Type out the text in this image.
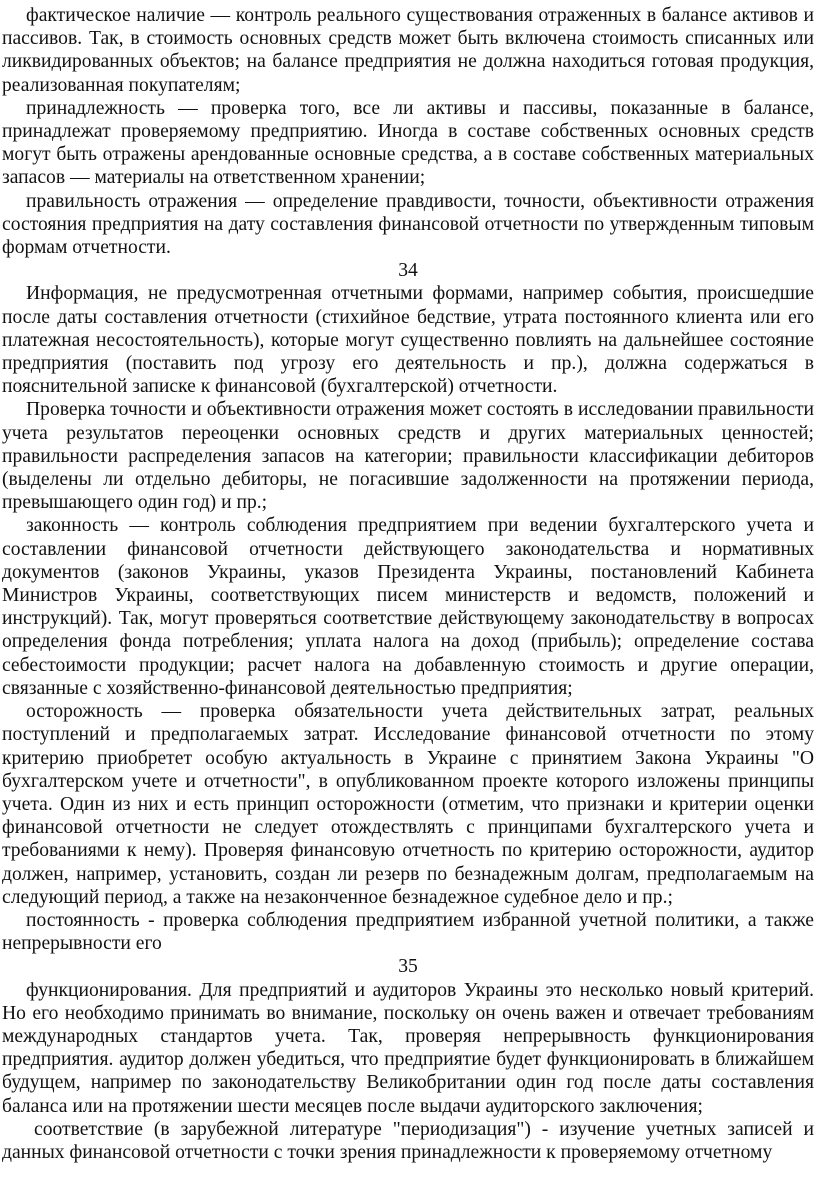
фактическое наличие — контроль реального существования отраженных в балансе активов и пассивов. Так, в стоимость основных средств может быть включена стоимость списанных или ликвидированных объектов; на балансе предприятия не должна находиться готовая продукция, реализованная покупателям;

принадлежность — проверка того, все ли активы и пассивы, показанные в балансе, принадлежат проверяемому предприятию. Иногда в составе собственных основных средств могут быть отражены арендованные основные средства, а в составе собственных материальных запасов — материалы на ответственном хранении;

правильность отражения — определение правдивости, точности, объективности отражения состояния предприятия на дату составления финансовой отчетности по утвержденным типовым формам отчетности.

34

Информация, не предусмотренная отчетными формами, например события, происшедшие после даты составления отчетности (стихийное бедствие, утрата постоянного клиента или его платежная несостоятельность), которые могут существенно повлиять на дальнейшее состояние предприятия (поставить под угрозу его деятельность и пр.), должна содержаться в пояснительной записке к финансовой (бухгалтерской) отчетности.

Проверка точности и объективности отражения может состоять в исследовании правильности учета результатов переоценки основных средств и других материальных ценностей; правильности распределения запасов на категории; правильности классификации дебиторов (выделены ли отдельно дебиторы, не погасившие задолженности на протяжении периода, превышающего один год) и пр.;

законность — контроль соблюдения предприятием при ведении бухгалтерского учета и составлении финансовой отчетности действующего законодательства и нормативных документов (законов Украины, указов Президента Украины, постановлений Кабинета Министров Украины, соответствующих писем министерств и ведомств, положений и инструкций). Так, могут проверяться соответствие действующему законодательству в вопросах определения фонда потребления; уплата налога на доход (прибыль); определение состава себестоимости продукции; расчет налога на добавленную стоимость и другие операции, связанные с хозяйственно-финансовой деятельностью предприятия;

осторожность — проверка обязательности учета действительных затрат, реальных поступлений и предполагаемых затрат. Исследование финансовой отчетности по этому критерию приобретет особую актуальность в Украине с принятием Закона Украины "О бухгалтерском учете и отчетности", в опубликованном проекте которого изложены принципы учета. Один из них и есть принцип осторожности (отметим, что признаки и критерии оценки финансовой отчетности не следует отождествлять с принципами бухгалтерского учета и требованиями к нему). Проверяя финансовую отчетность по критерию осторожности, аудитор должен, например, установить, создан ли резерв по безнадежным долгам, предполагаемым на следующий период, а также на незаконченное безнадежное судебное дело и пр.;

постоянность - проверка соблюдения предприятием избранной учетной политики, а также непрерывности его

35

функционирования. Для предприятий и аудиторов Украины это несколько новый критерий. Но его необходимо принимать во внимание, поскольку он очень важен и отвечает требованиям международных стандартов учета. Так, проверяя непрерывность функционирования предприятия. аудитор должен убедиться, что предприятие будет функционировать в ближайшем будущем, например по законодательству Великобритании один год после даты составления баланса или на протяжении шести месяцев после выдачи аудиторского заключения;

соответствие (в зарубежной литературе "периодизация") - изучение учетных записей и данных финансовой отчетности с точки зрения принадлежности к проверяемому отчетному
